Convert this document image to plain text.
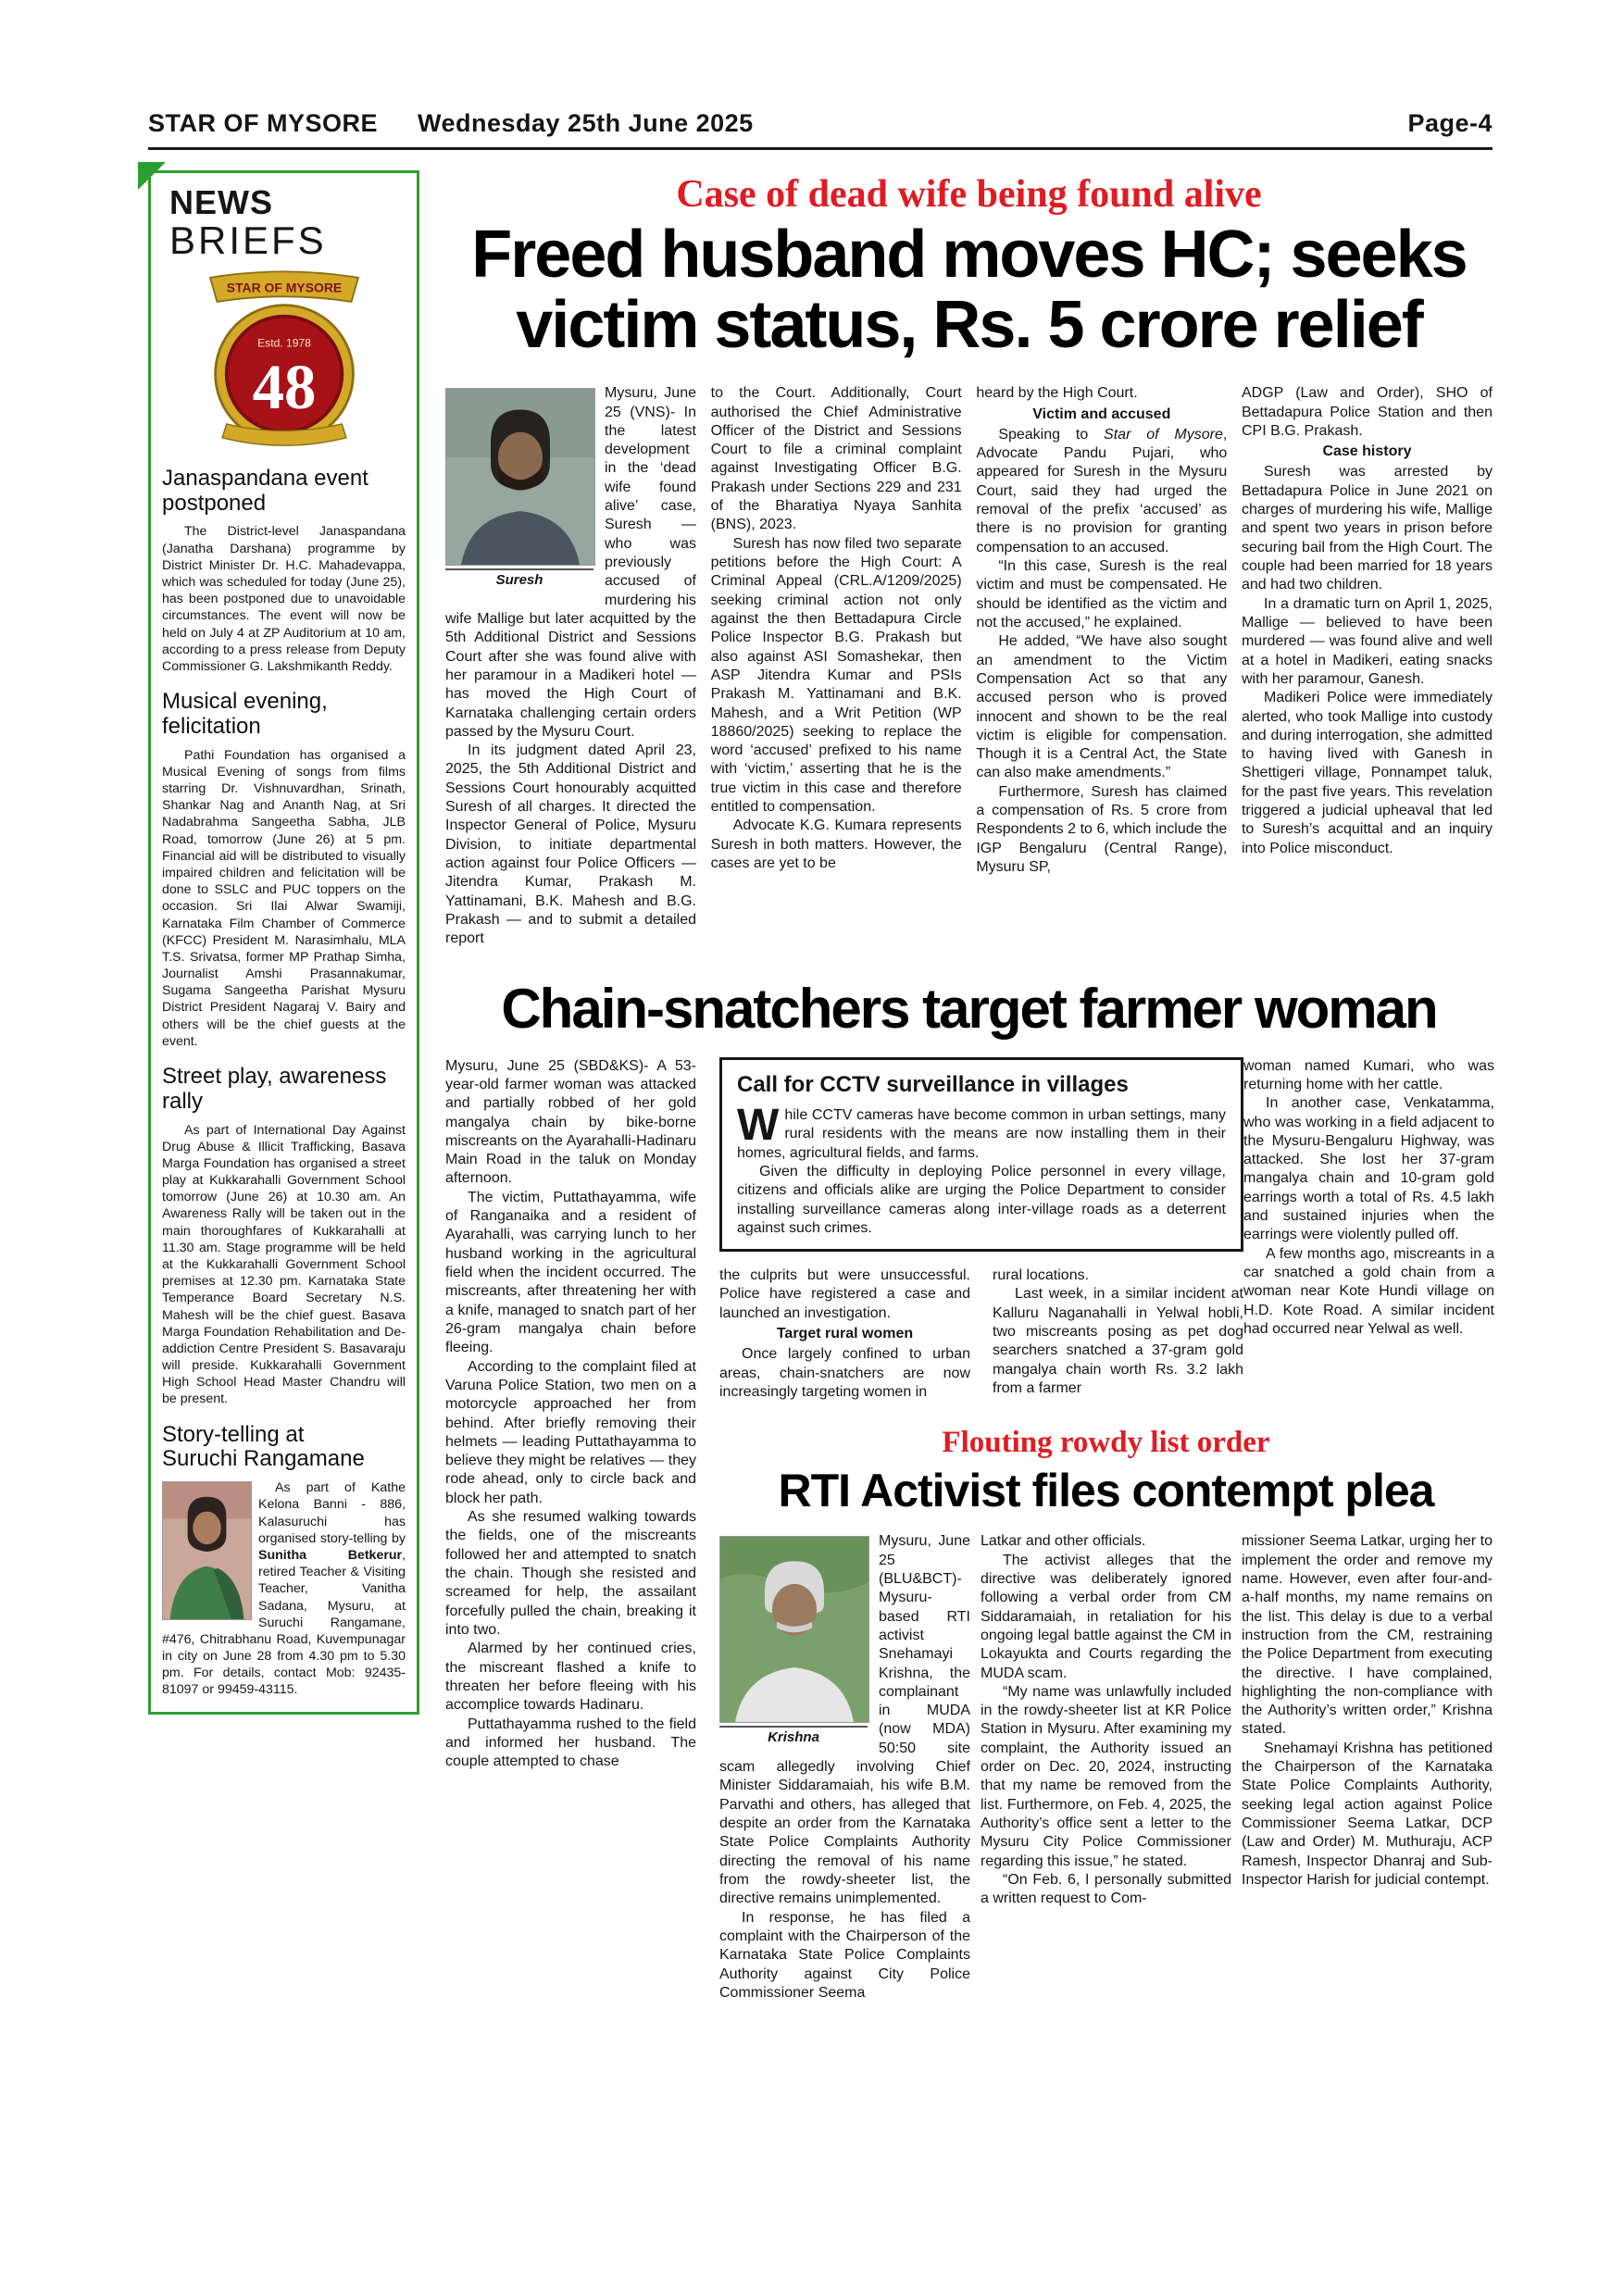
STAR OF MYSORE	Wednesday 25th June 2025	Page-4
NEWS
BRIEFS
STAR OF MYSORE
Estd. 1978
48
Janaspandana event postponed

The District-level Janaspandana (Janatha Darshana) programme by District Minister Dr. H.C. Mahadevappa, which was scheduled for today (June 25), has been postponed due to unavoidable circumstances. The event will now be held on July 4 at ZP Auditorium at 10 am, according to a press release from Deputy Commissioner G. Lakshmikanth Reddy.

Musical evening, felicitation

Pathi Foundation has organised a Musical Evening of songs from films starring Dr. Vishnuvardhan, Srinath, Shankar Nag and Ananth Nag, at Sri Nadabrahma Sangeetha Sabha, JLB Road, tomorrow (June 26) at 5 pm. Financial aid will be distributed to visually impaired children and felicitation will be done to SSLC and PUC toppers on the occasion. Sri Ilai Alwar Swamiji, Karnataka Film Chamber of Commerce (KFCC) President M. Narasimhalu, MLA T.S. Srivatsa, former MP Prathap Simha, Journalist Amshi Prasannakumar, Sugama Sangeetha Parishat Mysuru District President Nagaraj V. Bairy and others will be the chief guests at the event.

Street play, awareness rally

As part of International Day Against Drug Abuse & Illicit Trafficking, Basava Marga Foundation has organised a street play at Kukkarahalli Government School tomorrow (June 26) at 10.30 am. An Awareness Rally will be taken out in the main thoroughfares of Kukkarahalli at 11.30 am. Stage programme will be held at the Kukkarahalli Government School premises at 12.30 pm. Karnataka State Temperance Board Secretary N.S. Mahesh will be the chief guest. Basava Marga Foundation Rehabilitation and De-addiction Centre President S. Basavaraju will preside. Kukkarahalli Government High School Head Master Chandru will be present.

Story-telling at
Suruchi Rangamane

As part of Kathe Kelona Banni - 886, Kalasuruchi has organised story-telling by Sunitha Betkerur, retired Teacher & Visiting Teacher, Vanitha Sadana, Mysuru, at Suruchi Rangamane, #476, Chitrabhanu Road, Kuvempunagar in city on June 28 from 4.30 pm to 5.30 pm. For details, contact Mob: 92435-81097 or 99459-43115.

Case of dead wife being found alive
Freed husband moves HC; seeks victim status, Rs. 5 crore relief
Suresh

Mysuru, June 25 (VNS)- In the latest development in the ‘dead wife found alive’ case, Suresh — who was previously accused of murdering his wife Mallige but later acquitted by the 5th Additional District and Sessions Court after she was found alive with her paramour in a Madikeri hotel — has moved the High Court of Karnataka challenging certain orders passed by the Mysuru Court.

In its judgment dated April 23, 2025, the 5th Additional District and Sessions Court honourably acquitted Suresh of all charges. It directed the Inspector General of Police, Mysuru Division, to initiate departmental action against four Police Officers — Jitendra Kumar, Prakash M. Yattinamani, B.K. Mahesh and B.G. Prakash — and to submit a detailed report

to the Court. Additionally, Court authorised the Chief Administrative Officer of the District and Sessions Court to file a criminal complaint against Investigating Officer B.G. Prakash under Sections 229 and 231 of the Bharatiya Nyaya Sanhita (BNS), 2023.

Suresh has now filed two separate petitions before the High Court: A Criminal Appeal (CRL.A/1209/2025) seeking criminal action not only against the then Bettadapura Circle Police Inspector B.G. Prakash but also against ASI Somashekar, then ASP Jitendra Kumar and PSIs Prakash M. Yattinamani and B.K. Mahesh, and a Writ Petition (WP 18860/2025) seeking to replace the word ‘accused’ prefixed to his name with ‘victim,’ asserting that he is the true victim in this case and therefore entitled to compensation.

Advocate K.G. Kumara represents Suresh in both matters. However, the cases are yet to be

heard by the High Court.

Victim and accused

Speaking to Star of Mysore, Advocate Pandu Pujari, who appeared for Suresh in the Mysuru Court, said they had urged the removal of the prefix ‘accused’ as there is no provision for granting compensation to an accused.

“In this case, Suresh is the real victim and must be compensated. He should be identified as the victim and not the accused,” he explained.

He added, “We have also sought an amendment to the Victim Compensation Act so that any accused person who is proved innocent and shown to be the real victim is eligible for compensation. Though it is a Central Act, the State can also make amendments.”

Furthermore, Suresh has claimed a compensation of Rs. 5 crore from Respondents 2 to 6, which include the IGP Bengaluru (Central Range), Mysuru SP,

ADGP (Law and Order), SHO of Bettadapura Police Station and then CPI B.G. Prakash.

Case history

Suresh was arrested by Bettadapura Police in June 2021 on charges of murdering his wife, Mallige and spent two years in prison before securing bail from the High Court. The couple had been married for 18 years and had two children.

In a dramatic turn on April 1, 2025, Mallige — believed to have been murdered — was found alive and well at a hotel in Madikeri, eating snacks with her paramour, Ganesh.

Madikeri Police were immediately alerted, who took Mallige into custody and during interrogation, she admitted to having lived with Ganesh in Shettigeri village, Ponnampet taluk, for the past five years. This revelation triggered a judicial upheaval that led to Suresh’s acquittal and an inquiry into Police misconduct.

Chain-snatchers target farmer woman

Mysuru, June 25 (SBD&KS)- A 53-year-old farmer woman was attacked and partially robbed of her gold mangalya chain by bike-borne miscreants on the Ayarahalli-Hadinaru Main Road in the taluk on Monday afternoon.

The victim, Puttathayamma, wife of Ranganaika and a resident of Ayarahalli, was carrying lunch to her husband working in the agricultural field when the incident occurred. The miscreants, after threatening her with a knife, managed to snatch part of her 26-gram mangalya chain before fleeing.

According to the complaint filed at Varuna Police Station, two men on a motorcycle approached her from behind. After briefly removing their helmets — leading Puttathayamma to believe they might be relatives — they rode ahead, only to circle back and block her path.

As she resumed walking towards the fields, one of the miscreants followed her and attempted to snatch the chain. Though she resisted and screamed for help, the assailant forcefully pulled the chain, breaking it into two.

Alarmed by her continued cries, the miscreant flashed a knife to threaten her before fleeing with his accomplice towards Hadinaru.

Puttathayamma rushed to the field and informed her husband. The couple attempted to chase

Call for CCTV surveillance in villages

While CCTV cameras have become common in urban settings, many rural residents with the means are now installing them in their homes, agricultural fields, and farms.

Given the difficulty in deploying Police personnel in every village, citizens and officials alike are urging the Police Department to consider installing surveillance cameras along inter-village roads as a deterrent against such crimes.

the culprits but were unsuccessful. Police have registered a case and launched an investigation.

Target rural women

Once largely confined to urban areas, chain-snatchers are now increasingly targeting women in

rural locations.

Last week, in a similar incident at Kalluru Naganahalli in Yelwal hobli, two miscreants posing as pet dog searchers snatched a 37-gram gold mangalya chain worth Rs. 3.2 lakh from a farmer

woman named Kumari, who was returning home with her cattle.

In another case, Venkatamma, who was working in a field adjacent to the Mysuru-Bengaluru Highway, was attacked. She lost her 37-gram mangalya chain and 10-gram gold earrings worth a total of Rs. 4.5 lakh and sustained injuries when the earrings were violently pulled off.

A few months ago, miscreants in a car snatched a gold chain from a woman near Kote Hundi village on H.D. Kote Road. A similar incident had occurred near Yelwal as well.

Flouting rowdy list order
RTI Activist files contempt plea
Krishna

Mysuru, June 25 (BLU&BCT)- Mysuru-based RTI activist Snehamayi Krishna, the complainant in MUDA (now MDA) 50:50 site scam allegedly involving Chief Minister Siddaramaiah, his wife B.M. Parvathi and others, has alleged that despite an order from the Karnataka State Police Complaints Authority directing the removal of his name from the rowdy-sheeter list, the directive remains unimplemented.

In response, he has filed a complaint with the Chairperson of the Karnataka State Police Complaints Authority against City Police Commissioner Seema

Latkar and other officials.

The activist alleges that the directive was deliberately ignored following a verbal order from CM Siddaramaiah, in retaliation for his ongoing legal battle against the CM in Lokayukta and Courts regarding the MUDA scam.

“My name was unlawfully included in the rowdy-sheeter list at KR Police Station in Mysuru. After examining my complaint, the Authority issued an order on Dec. 20, 2024, instructing that my name be removed from the list. Furthermore, on Feb. 4, 2025, the Authority’s office sent a letter to the Mysuru City Police Commissioner regarding this issue,” he stated.

“On Feb. 6, I personally submitted a written request to Com-

missioner Seema Latkar, urging her to implement the order and remove my name. However, even after four-and-a-half months, my name remains on the list. This delay is due to a verbal instruction from the CM, restraining the Police Department from executing the directive. I have complained, highlighting the non-compliance with the Authority’s written order,” Krishna stated.

Snehamayi Krishna has petitioned the Chairperson of the Karnataka State Police Complaints Authority, seeking legal action against Police Commissioner Seema Latkar, DCP (Law and Order) M. Muthuraju, ACP Ramesh, Inspector Dhanraj and Sub-Inspector Harish for judicial contempt.
